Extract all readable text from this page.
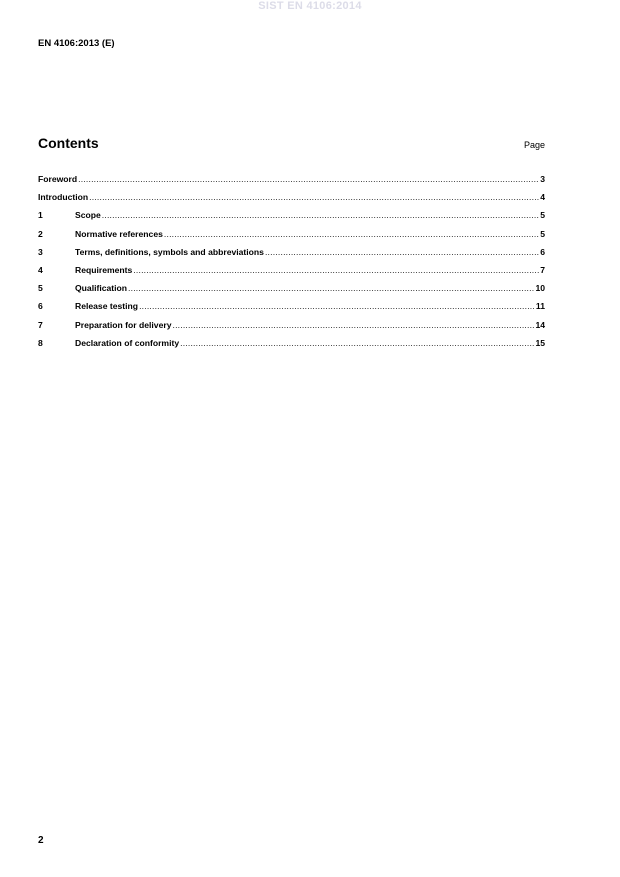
SIST EN 4106:2014
EN 4106:2013 (E)
Contents	Page
Foreword .....	3
Introduction .....	4
1	Scope .....	5
2	Normative references .....	5
3	Terms, definitions, symbols and abbreviations .....	6
4	Requirements .....	7
5	Qualification .....	10
6	Release testing .....	11
7	Preparation for delivery .....	14
8	Declaration of conformity .....	15
2
